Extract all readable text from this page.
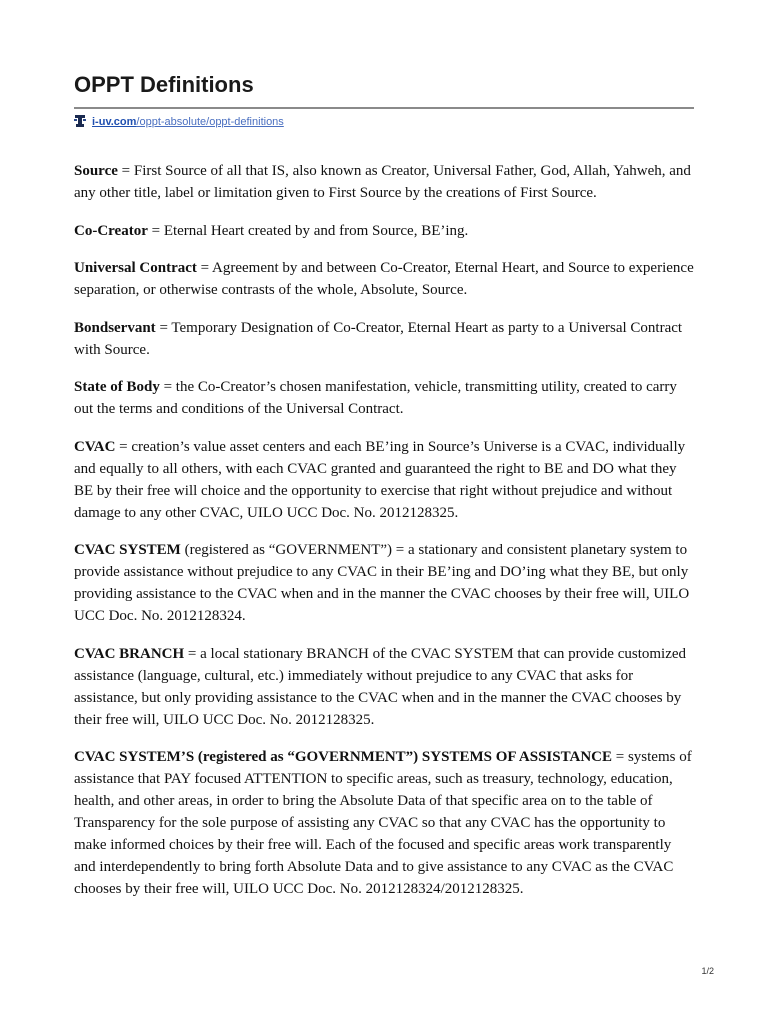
OPPT Definitions
i-uv.com /oppt-absolute/oppt-definitions

Source = First Source of all that IS, also known as Creator, Universal Father, God, Allah, Yahweh, and any other title, label or limitation given to First Source by the creations of First Source.

Co-Creator = Eternal Heart created by and from Source, BE’ing.

Universal Contract = Agreement by and between Co-Creator, Eternal Heart, and Source to experience separation, or otherwise contrasts of the whole, Absolute, Source.

Bondservant = Temporary Designation of Co-Creator, Eternal Heart as party to a Universal Contract with Source.

State of Body = the Co-Creator’s chosen manifestation, vehicle, transmitting utility, created to carry out the terms and conditions of the Universal Contract.

CVAC = creation’s value asset centers and each BE’ing in Source’s Universe is a CVAC, individually and equally to all others, with each CVAC granted and guaranteed the right to BE and DO what they BE by their free will choice and the opportunity to exercise that right without prejudice and without damage to any other CVAC, UILO UCC Doc. No. 2012128325.

CVAC SYSTEM (registered as “GOVERNMENT”) = a stationary and consistent planetary system to provide assistance without prejudice to any CVAC in their BE’ing and DO’ing what they BE, but only providing assistance to the CVAC when and in the manner the CVAC chooses by their free will, UILO UCC Doc. No. 2012128324.

CVAC BRANCH = a local stationary BRANCH of the CVAC SYSTEM that can provide customized assistance (language, cultural, etc.) immediately without prejudice to any CVAC that asks for assistance, but only providing assistance to the CVAC when and in the manner the CVAC chooses by their free will, UILO UCC Doc. No. 2012128325.

CVAC SYSTEM’S (registered as “GOVERNMENT”) SYSTEMS OF ASSISTANCE = systems of assistance that PAY focused ATTENTION to specific areas, such as treasury, technology, education, health, and other areas, in order to bring the Absolute Data of that specific area on to the table of Transparency for the sole purpose of assisting any CVAC so that any CVAC has the opportunity to make informed choices by their free will. Each of the focused and specific areas work transparently and interdependently to bring forth Absolute Data and to give assistance to any CVAC as the CVAC chooses by their free will, UILO UCC Doc. No. 2012128324/2012128325.

1/2
